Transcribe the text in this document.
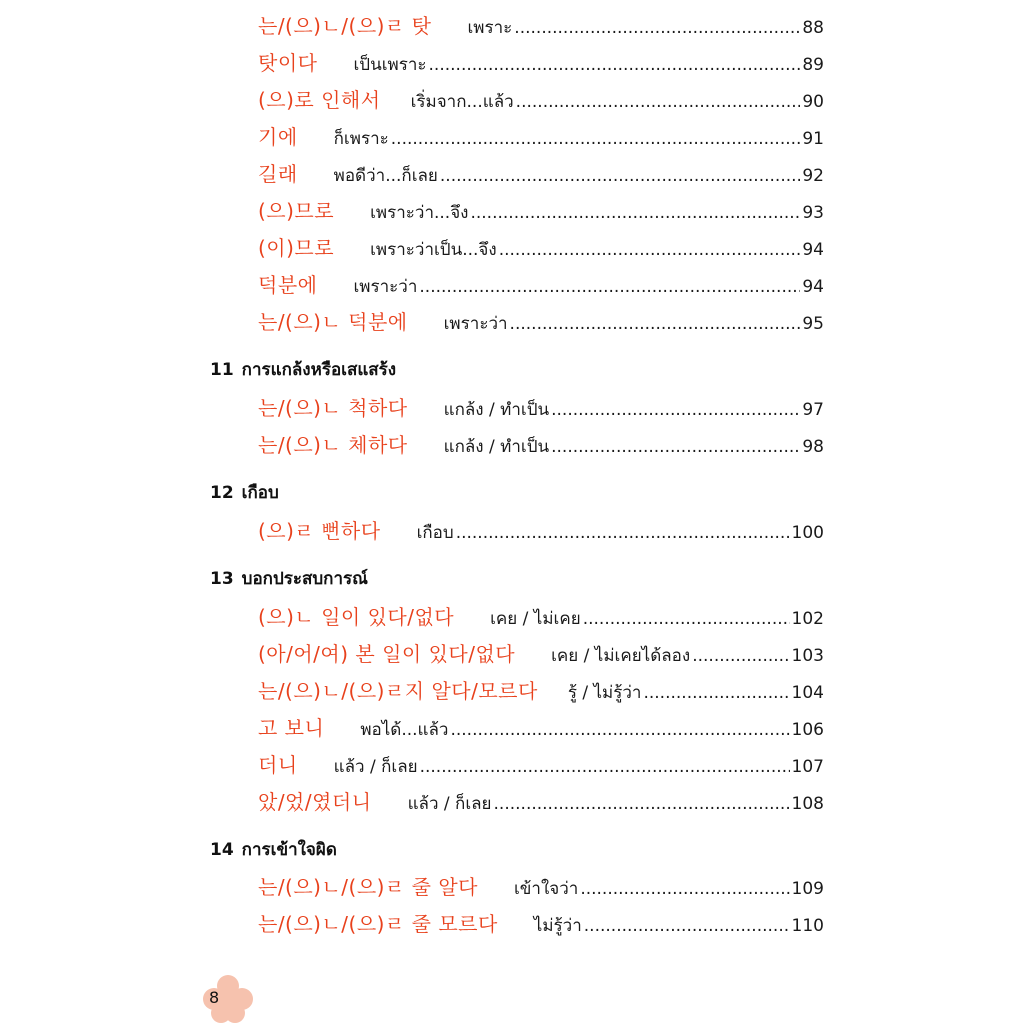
는/(으)ㄴ/(으)ㄹ 탓 เพราะ .....	88
탓이다 เป็นเพราะ .....	89
(으)로 인해서 เริ่มจาก...แล้ว .....	90
기에 ก็เพราะ .....	91
길래 พอดีว่า...ก็เลย .....	92
(으)므로 เพราะว่า...จึง .....	93
(이)므로 เพราะว่าเป็น...จึง .....	94
덕분에 เพราะว่า .....	94
는/(으)ㄴ 덕분에 เพราะว่า .....	95
11 การแกล้งหรือเสแสร้ง
는/(으)ㄴ 척하다 แกล้ง / ทำเป็น .....	97
는/(으)ㄴ 체하다 แกล้ง / ทำเป็น .....	98
12 เกือบ
(으)ㄹ 뻔하다 เกือบ .....	100
13 บอกประสบการณ์
(으)ㄴ 일이 있다/없다 เคย / ไม่เคย .....	102
(아/어/여) 본 일이 있다/없다 เคย / ไม่เคยได้ลอง .....	103
는/(으)ㄴ/(으)ㄹ지 알다/모르다 รู้ / ไม่รู้ว่า .....	104
고 보니 พอได้...แล้ว .....	106
더니 แล้ว / ก็เลย .....	107
았/었/였더니 แล้ว / ก็เลย .....	108
14 การเข้าใจผิด
는/(으)ㄴ/(으)ㄹ 줄 알다 เข้าใจว่า .....	109
는/(으)ㄴ/(으)ㄹ 줄 모르다 ไม่รู้ว่า .....	110
8
